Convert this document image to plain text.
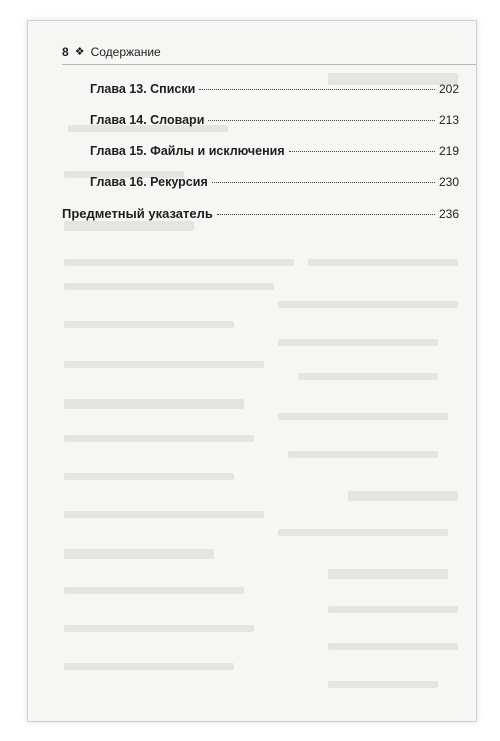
8 ❖ Содержание
Глава 13. Списки	202
Глава 14. Словари	213
Глава 15. Файлы и исключения	219
Глава 16. Рекурсия	230
Предметный указатель	236
